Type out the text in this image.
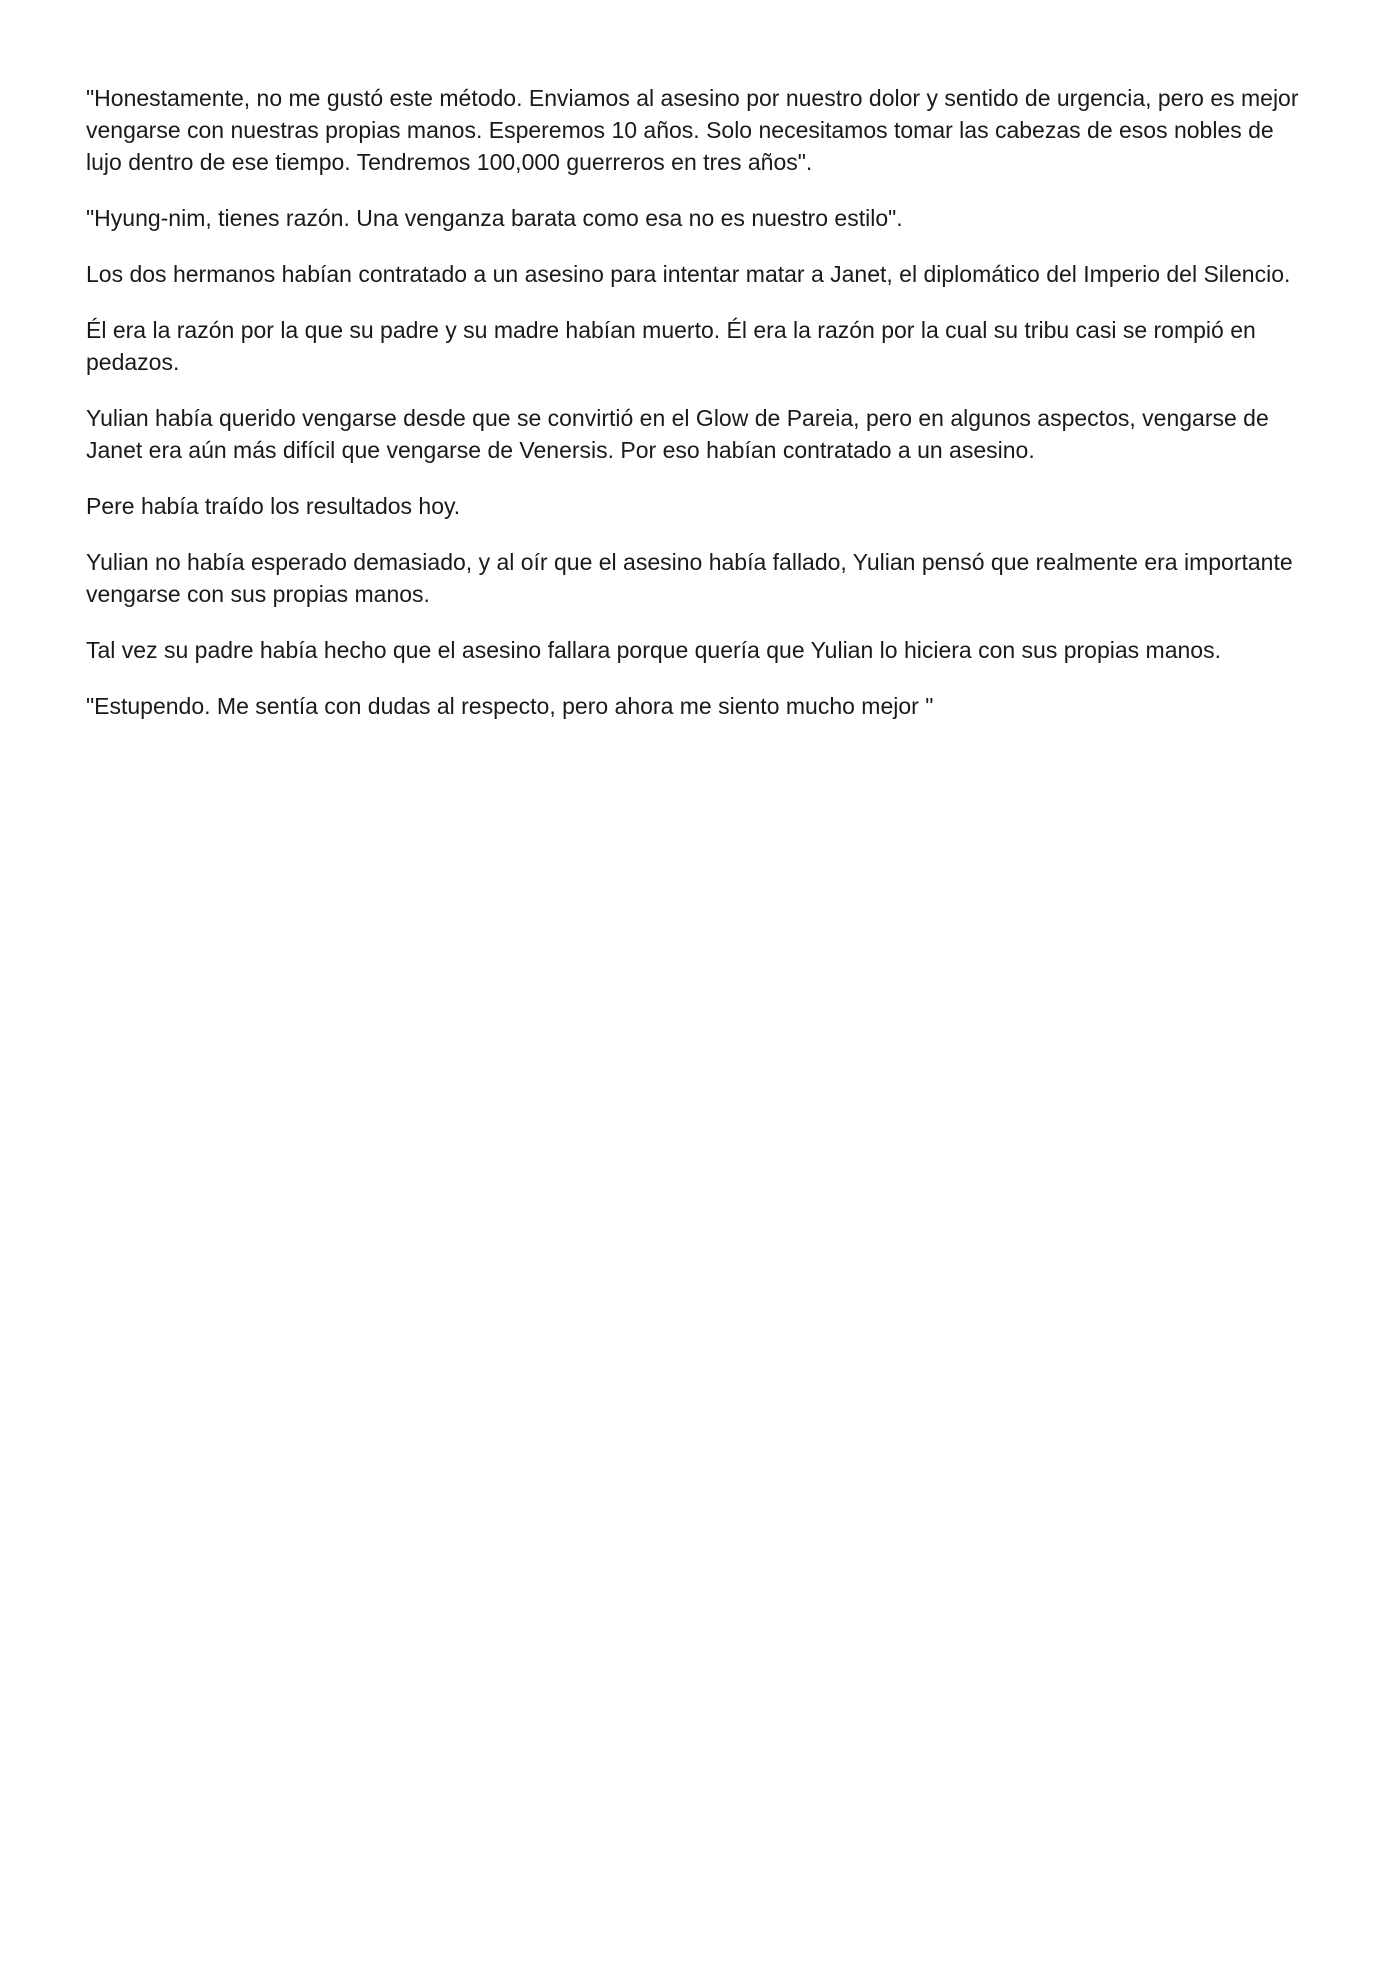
"Honestamente, no me gustó este método. Enviamos al asesino por nuestro dolor y sentido de urgencia, pero es mejor vengarse con nuestras propias manos. Esperemos 10 años. Solo necesitamos tomar las cabezas de esos nobles de lujo dentro de ese tiempo. Tendremos 100,000 guerreros en tres años".

"Hyung-nim, tienes razón. Una venganza barata como esa no es nuestro estilo".

Los dos hermanos habían contratado a un asesino para intentar matar a Janet, el diplomático del Imperio del Silencio.

Él era la razón por la que su padre y su madre habían muerto. Él era la razón por la cual su tribu casi se rompió en pedazos.

Yulian había querido vengarse desde que se convirtió en el Glow de Pareia, pero en algunos aspectos, vengarse de Janet era aún más difícil que vengarse de Venersis. Por eso habían contratado a un asesino.

Pere había traído los resultados hoy.

Yulian no había esperado demasiado, y al oír que el asesino había fallado, Yulian pensó que realmente era importante vengarse con sus propias manos.

Tal vez su padre había hecho que el asesino fallara porque quería que Yulian lo hiciera con sus propias manos.

"Estupendo. Me sentía con dudas al respecto, pero ahora me siento mucho mejor "
